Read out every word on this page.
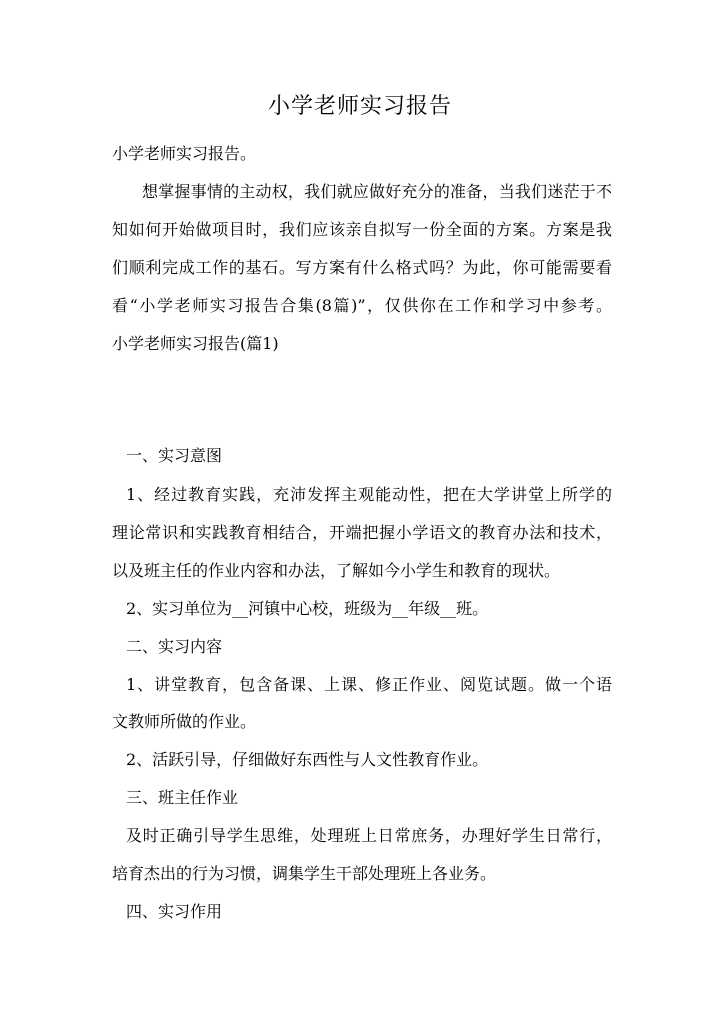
小学老师实习报告
小学老师实习报告。
想掌握事情的主动权，我们就应做好充分的准备，当我们迷茫于不
知如何开始做项目时，我们应该亲自拟写一份全面的方案。方案是我
们顺利完成工作的基石。写方案有什么格式吗？为此，你可能需要看
看“小学老师实习报告合集(8篇)”，仅供你在工作和学习中参考。
小学老师实习报告(篇1)
一、实习意图
1、经过教育实践，充沛发挥主观能动性，把在大学讲堂上所学的
理论常识和实践教育相结合，开端把握小学语文的教育办法和技术，
以及班主任的作业内容和办法，了解如今小学生和教育的现状。
2、实习单位为__河镇中心校，班级为__年级__班。
二、实习内容
1、讲堂教育，包含备课、上课、修正作业、阅览试题。做一个语
文教师所做的作业。
2、活跃引导，仔细做好东西性与人文性教育作业。
三、班主任作业
及时正确引导学生思维，处理班上日常庶务，办理好学生日常行，
培育杰出的行为习惯，调集学生干部处理班上各业务。
四、实习作用
